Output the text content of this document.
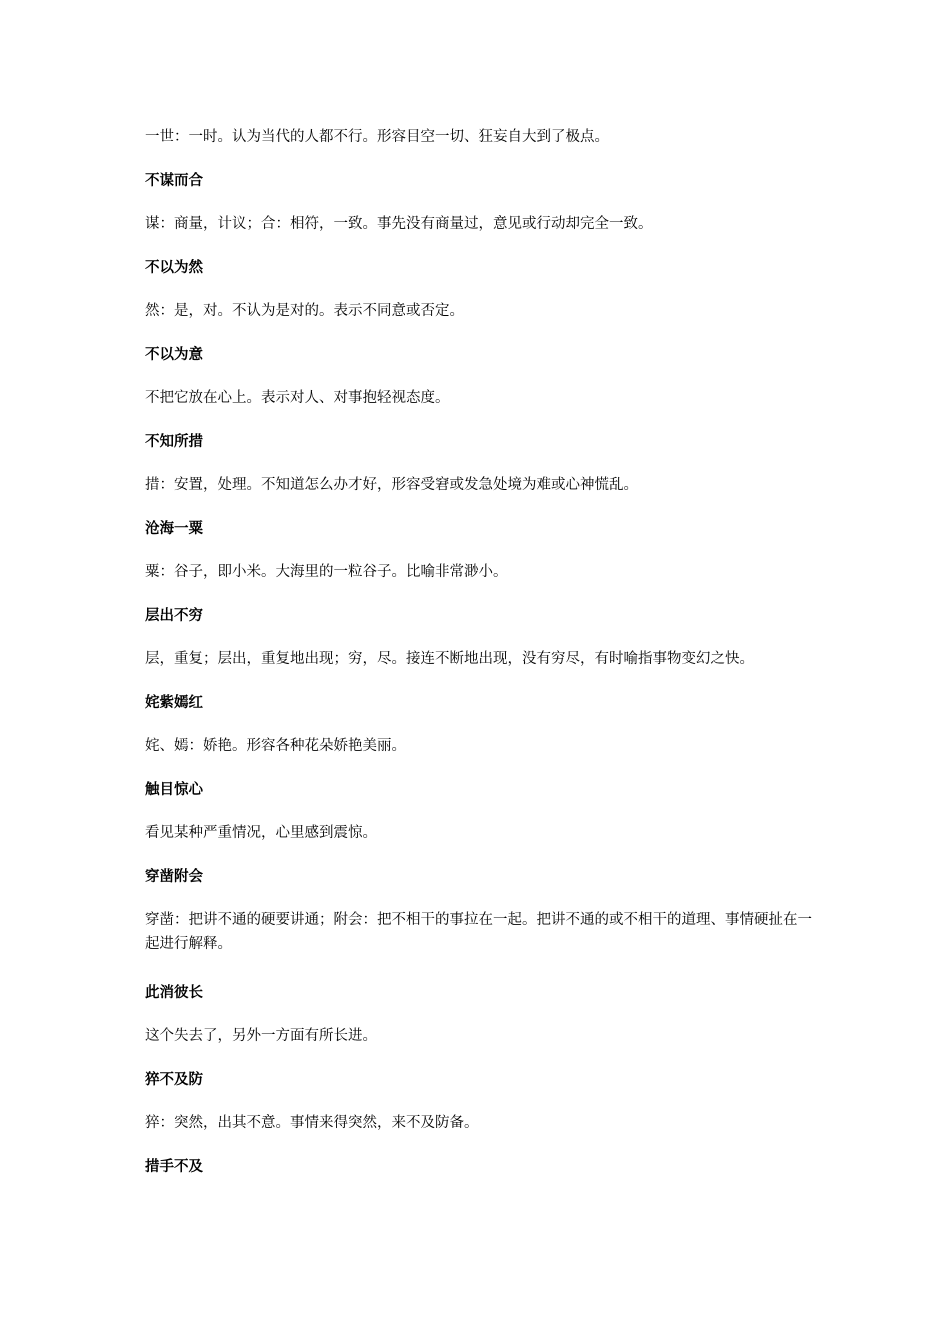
一世：一时。认为当代的人都不行。形容目空一切、狂妄自大到了极点。

不谋而合

谋：商量，计议；合：相符，一致。事先没有商量过，意见或行动却完全一致。

不以为然

然：是，对。不认为是对的。表示不同意或否定。

不以为意

不把它放在心上。表示对人、对事抱轻视态度。

不知所措

措：安置，处理。不知道怎么办才好，形容受窘或发急处境为难或心神慌乱。

沧海一粟

粟：谷子，即小米。大海里的一粒谷子。比喻非常渺小。

层出不穷

层，重复；层出，重复地出现；穷，尽。接连不断地出现，没有穷尽，有时喻指事物变幻之快。

姹紫嫣红

姹、嫣：娇艳。形容各种花朵娇艳美丽。

触目惊心

看见某种严重情况，心里感到震惊。

穿凿附会

穿凿：把讲不通的硬要讲通；附会：把不相干的事拉在一起。把讲不通的或不相干的道理、事情硬扯在一起进行解释。

此消彼长

这个失去了，另外一方面有所长进。

猝不及防

猝：突然，出其不意。事情来得突然，来不及防备。

措手不及
